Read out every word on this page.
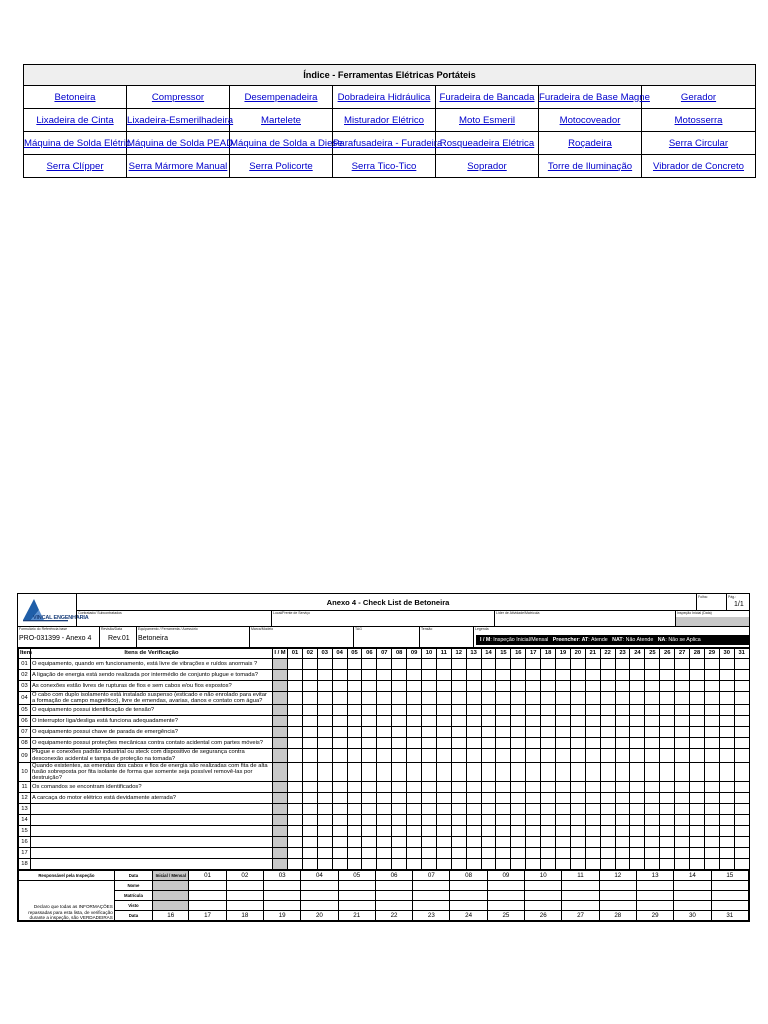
Índice - Ferramentas Elétricas Portáteis						
Betoneira	Compressor	Desempenadeira	Dobradeira Hidráulica	Furadeira de Bancada	Furadeira de Base Magne	Gerador
Lixadeira de Cinta	Lixadeira-Esmerilhadeira	Martelete	Misturador Elétrico	Moto Esmeril	Motocoveador	Motosserra
Máquina de Solda Elétric	Máquina de Solda PEAD	Máquina de Solda a Diese	Parafusadeira - Furadeira	Rosqueadeira Elétrica	Roçadeira	Serra Circular
Serra Clípper	Serra Mármore Manual	Serra Policorte	Serra Tico-Tico	Soprador	Torre de Iluminação	Vibrador de Concreto
VINCAL ENGENHARIA
Anexo 4 - Check List de Betoneira
Folha:	Pág.:
1/1
Contratado/ Subcontratados	Local/Frente de Serviço	Líder de Atividade/Matrícula	Inspeção Inicial (Data)
Formulário do Referência base	Revisão/Data	Equipamento / Ferramenta / Acessório	Marca/Modelo	TAG	Tensão	Legenda
PRO-031399 - Anexo 4 Rev.01 Betoneira	I / M: Inspeção Inicial/Mensal Preencher: AT: Atende NAT: Não Atende NA: Não se Aplica
Item	Itens de Verificação	I / M	01	02	03	04	05	06	07	08	09	10	11	12	13	14	15	16	17	18	19	20	21	22	23	24	25	26	27	28	29	30	31
01	O equipamento, quando em funcionamento, está livre de vibrações e ruídos anormais ?																																
02	A ligação de energia está sendo realizada por intermédio de conjunto plugue e tomada?																																
03	As conexões estão livres de rupturas de fios e sem cabos e/ou fios expostos?																																
04	O cabo com duplo isolamento está instalado suspenso (esticado e não enrolado para evitar a formação de campo magnético), livre de emendas, avarias, danos e contato com água?																																
05	O equipamento possui identificação de tensão?																																
06	O interruptor liga/desliga está funciona adequadamente?																																
07	O equipamento possui chave de parada de emergência?																																
08	O equipamento possui proteções mecânicas contra contato acidental com partes móveis?																																
09	Plugue e conexões padrão industrial ou steck com dispositivo de segurança contra desconexão acidental e tampa de proteção na tomada?																																
10	Quando existentes, as emendas dos cabos e fios de energia são realizadas com fita de alta fusão sobreposta por fita isolante de forma que somente seja possível removê-las por destruição?																																
11	Os comandos se encontram identificados?																																
12	A carcaça do motor elétrico está devidamente aterrada?																																
13																																	
14																																	
15																																	
16																																	
17																																	
18																																	
Responsável pela Inspeção	Data	Inicial / Mensal	01	02	03	04	05	06	07	08	09	10	11	12	13	14	15
Declaro que todas as INFORMAÇÕES repassadas para esta lista, de verificação durante a inspeção, são VERDADEIRAS	Nome																
	Matrícula																
	Visto																
	Data	16	17	18	19	20	21	22	23	24	25	26	27	28	29	30	31
